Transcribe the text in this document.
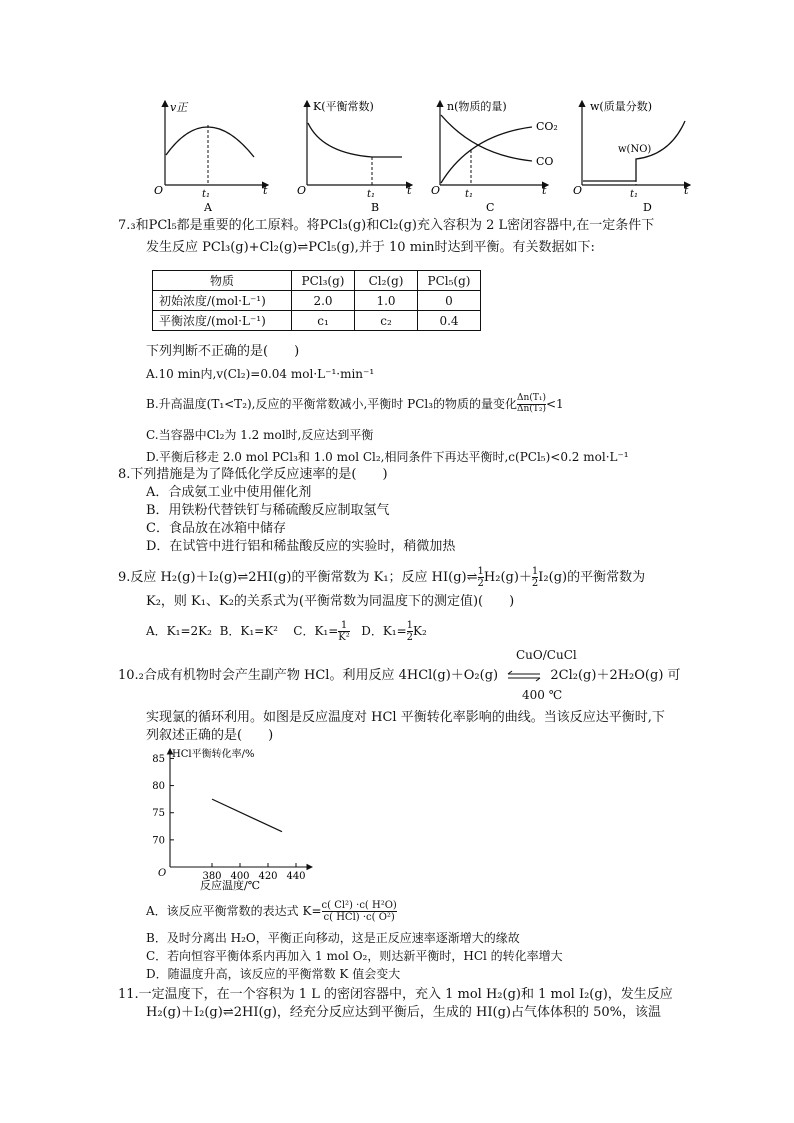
v正
O	t₁	t
A
K(平衡常数)
O	t₁	t
B
n(物质的量)
CO₂
CO
O t₁	t
C
w(质量分数)
w(NO)
O	t₁	t
D
7.₃和PCl₅都是重要的化工原料。将PCl₃(g)和Cl₂(g)充入容积为 2 L密闭容器中,在一定条件下
发生反应 PCl₃(g)+Cl₂(g)⇌PCl₅(g),并于 10 min时达到平衡。有关数据如下:
物质	PCl₃(g)	Cl₂(g)	PCl₅(g)
初始浓度/(mol·L⁻¹)	2.0	1.0	0
平衡浓度/(mol·L⁻¹)	c₁	c₂	0.4
下列判断不正确的是(　　)
A.10 min内,v(Cl₂)=0.04 mol·L⁻¹·min⁻¹
B.升高温度(T₁<T₂),反应的平衡常数减小,平衡时 PCl₃的物质的量变化 $\frac{\text{Δn(T₁)}}{\text{Δn(T₂)}} <1$
C.当容器中Cl₂为 1.2 mol时,反应达到平衡
D.平衡后移走 2.0 mol PCl₃和 1.0 mol Cl₂,相同条件下再达平衡时,c(PCl₅)<0.2 mol·L⁻¹
8.下列措施是为了降低化学反应速率的是(　　)
A．合成氨工业中使用催化剂
B．用铁粉代替铁钉与稀硫酸反应制取氢气
C．食品放在冰箱中储存
D．在试管中进行铝和稀盐酸反应的实验时，稍微加热
9.反应 H₂(g)＋I₂(g)⇌2HI(g)的平衡常数为 K₁；反应 HI(g)⇌ $\frac{1}{2} H_2(g)+ \frac{1}{2} I_2(g)$的平衡常数为
K₂，则 K₁、K₂的关系式为(平衡常数为同温度下的测定值)(　　)
A．K₁=2K₂ B．K₁=K² C．$K_1= \frac{1}{\text{K²}}$ D．$K_1= \frac{1}{2} K_2$
CuO/CuCl
10.₂合成有机物时会产生副产物 HCl。利用反应 4HCl(g)＋O₂(g) ⇌ 2Cl₂(g)＋2H₂O(g) 可
400 ℃
实现氯的循环利用。如图是反应温度对 HCl 平衡转化率影响的曲线。当该反应达平衡时,下
列叙述正确的是(　　)
HCl平衡转化率/%
反应温度/℃
O
70
75
80
85
380 400 420 440
A．该反应平衡常数的表达式 $K= \frac{\text{c( Cl²) ·c( H²O)}}{\text{c( HCl) ·c( O²)}}$
B．及时分离出 H₂O，平衡正向移动，这是正反应速率逐渐增大的缘故
C．若向恒容平衡体系内再加入 1 mol O₂，则达新平衡时，HCl 的转化率增大
D．随温度升高，该反应的平衡常数 K 值会变大
11.一定温度下，在一个容积为 1 L 的密闭容器中，充入 1 mol H₂(g)和 1 mol I₂(g)，发生反应
H₂(g)＋I₂(g)⇌2HI(g)，经充分反应达到平衡后，生成的 HI(g)占气体体积的 50%，该温
